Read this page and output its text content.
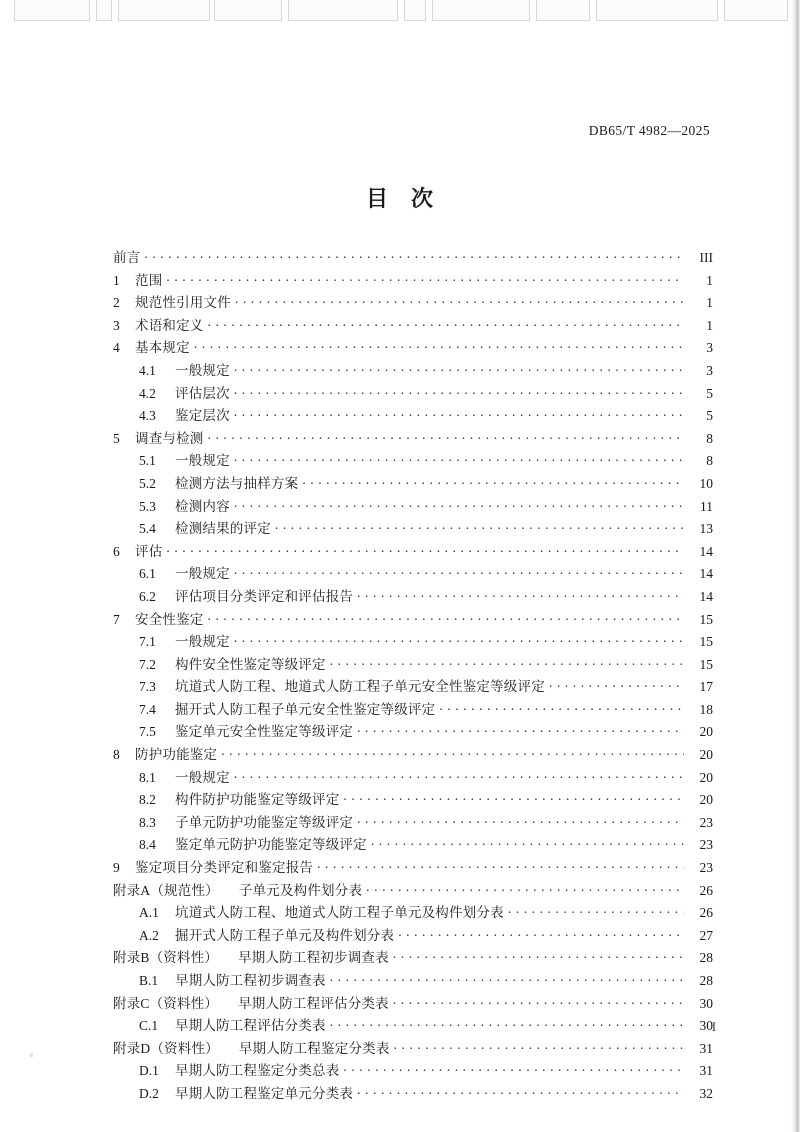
DB65/T 4982—2025
目 次
前言 . . .	III
1	范围 . . .	1
2	规范性引用文件 . . .	1
3	术语和定义 . . .	1
4	基本规定 . . .	3
4.1	一般规定 . . .	3
4.2	评估层次 . . .	5
4.3	鉴定层次 . . .	5
5	调查与检测 . . .	8
5.1	一般规定 . . .	8
5.2	检测方法与抽样方案 . . .	10
5.3	检测内容 . . .	11
5.4	检测结果的评定 . . .	13
6	评估 . . .	14
6.1	一般规定 . . .	14
6.2	评估项目分类评定和评估报告 . . .	14
7	安全性鉴定 . . .	15
7.1	一般规定 . . .	15
7.2	构件安全性鉴定等级评定 . . .	15
7.3	坑道式人防工程、地道式人防工程子单元安全性鉴定等级评定 . . .	17
7.4	掘开式人防工程子单元安全性鉴定等级评定 . . .	18
7.5	鉴定单元安全性鉴定等级评定 . . .	20
8	防护功能鉴定 . . .	20
8.1	一般规定 . . .	20
8.2	构件防护功能鉴定等级评定 . . .	20
8.3	子单元防护功能鉴定等级评定 . . .	23
8.4	鉴定单元防护功能鉴定等级评定 . . .	23
9	鉴定项目分类评定和鉴定报告 . . .	23
附录A（规范性） 子单元及构件划分表 . . .	26
A.1	坑道式人防工程、地道式人防工程子单元及构件划分表 . . .	26
A.2	掘开式人防工程子单元及构件划分表 . . .	27
附录B（资料性） 早期人防工程初步调查表 . . .	28
B.1	早期人防工程初步调查表 . . .	28
附录C（资料性） 早期人防工程评估分类表 . . .	30
C.1	早期人防工程评估分类表 . . .	30
附录D（资料性） 早期人防工程鉴定分类表 . . .	31
D.1	早期人防工程鉴定分类总表 . . .	31
D.2	早期人防工程鉴定单元分类表 . . .	32
I
